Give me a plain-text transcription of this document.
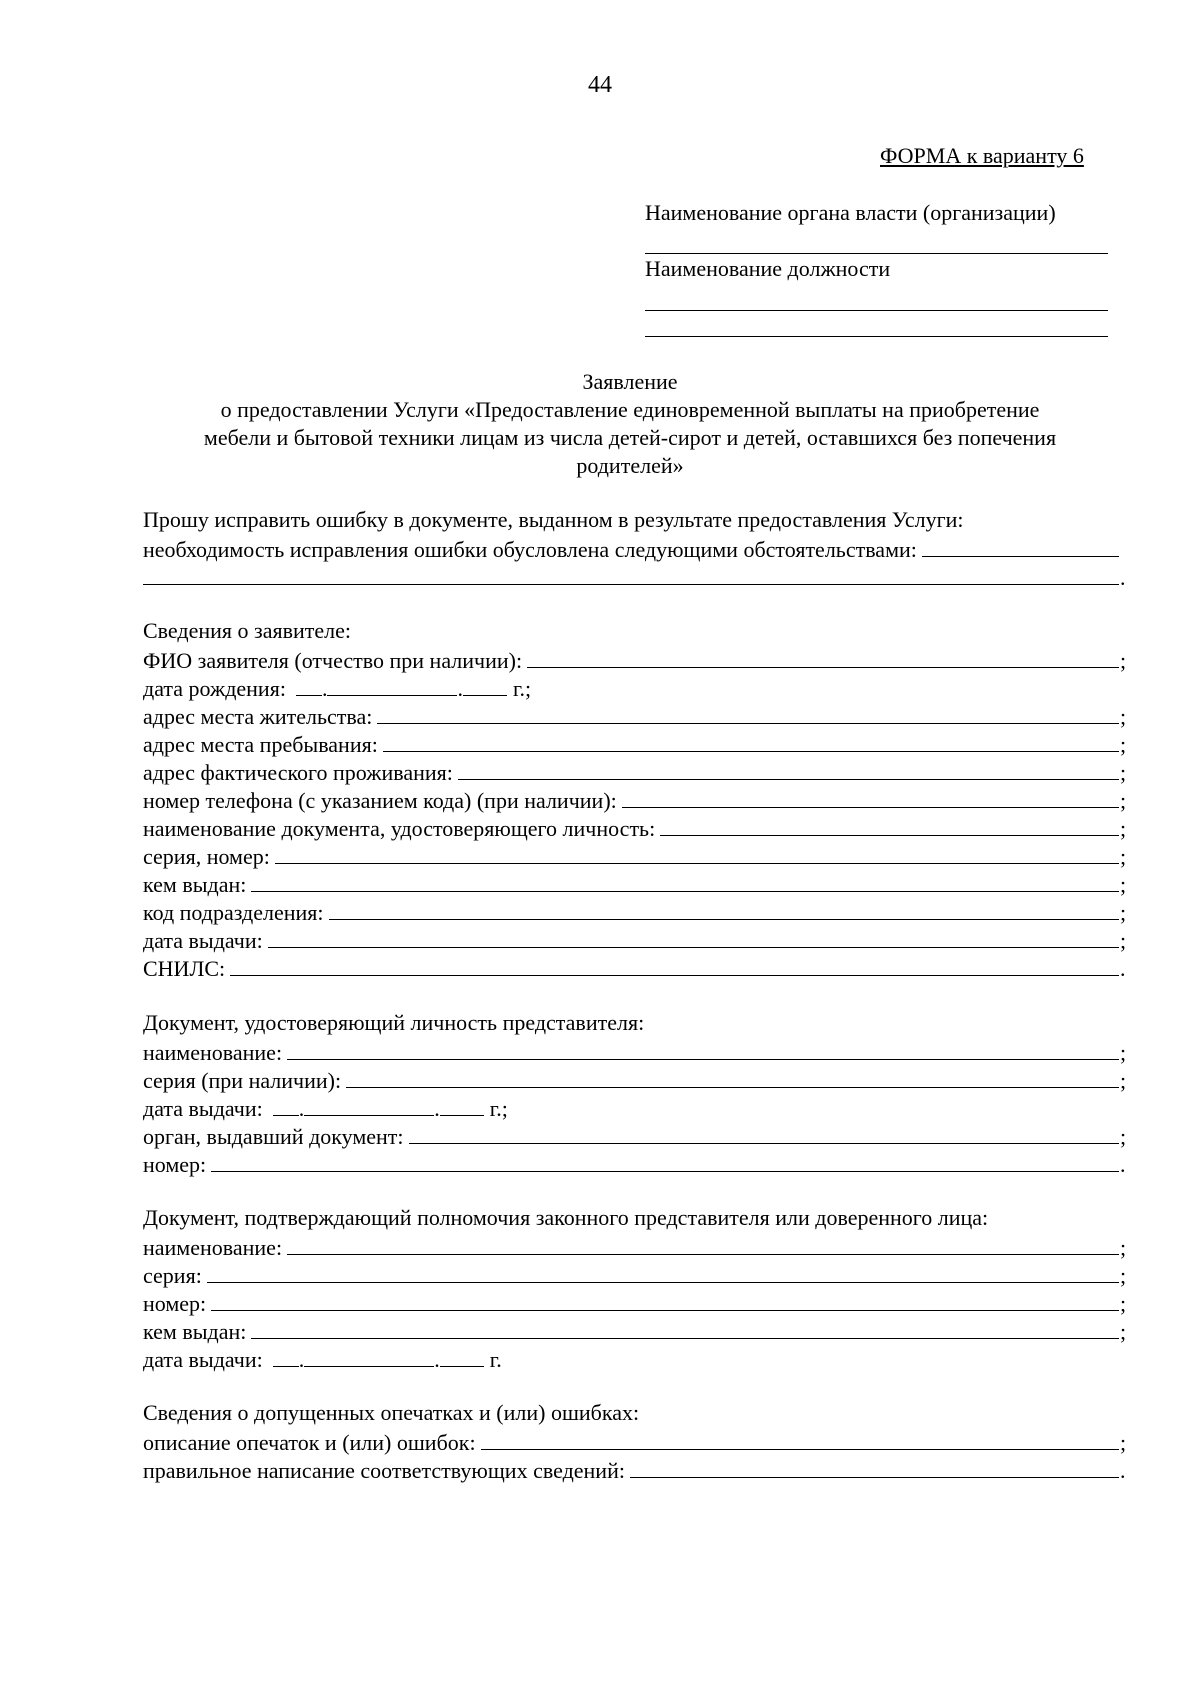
44
ФОРМА к варианту 6
Наименование органа власти (организации)
Наименование должности
Заявление
о предоставлении Услуги «Предоставление единовременной выплаты на приобретение
мебели и бытовой техники лицам из числа детей-сирот и детей, оставшихся без попечения
родителей»
Прошу исправить ошибку в документе, выданном в результате предоставления Услуги:
необходимость исправления ошибки обусловлена следующими обстоятельствами:
.
Сведения о заявителе:
ФИО заявителя (отчество при наличии):	;
дата рождения: .	. г.;
адрес места жительства:	;
адрес места пребывания:	;
адрес фактического проживания:	;
номер телефона (с указанием кода) (при наличии):	;
наименование документа, удостоверяющего личность:	;
серия, номер:	;
кем выдан:	;
код подразделения:	;
дата выдачи:	;
СНИЛС:	.
Документ, удостоверяющий личность представителя:
наименование:	;
серия (при наличии):	;
дата выдачи: .	. г.;
орган, выдавший документ:	;
номер:	.
Документ, подтверждающий полномочия законного представителя или доверенного лица:
наименование:	;
серия:	;
номер:	;
кем выдан:	;
дата выдачи: .	. г.
Сведения о допущенных опечатках и (или) ошибках:
описание опечаток и (или) ошибок:	;
правильное написание соответствующих сведений:	.
